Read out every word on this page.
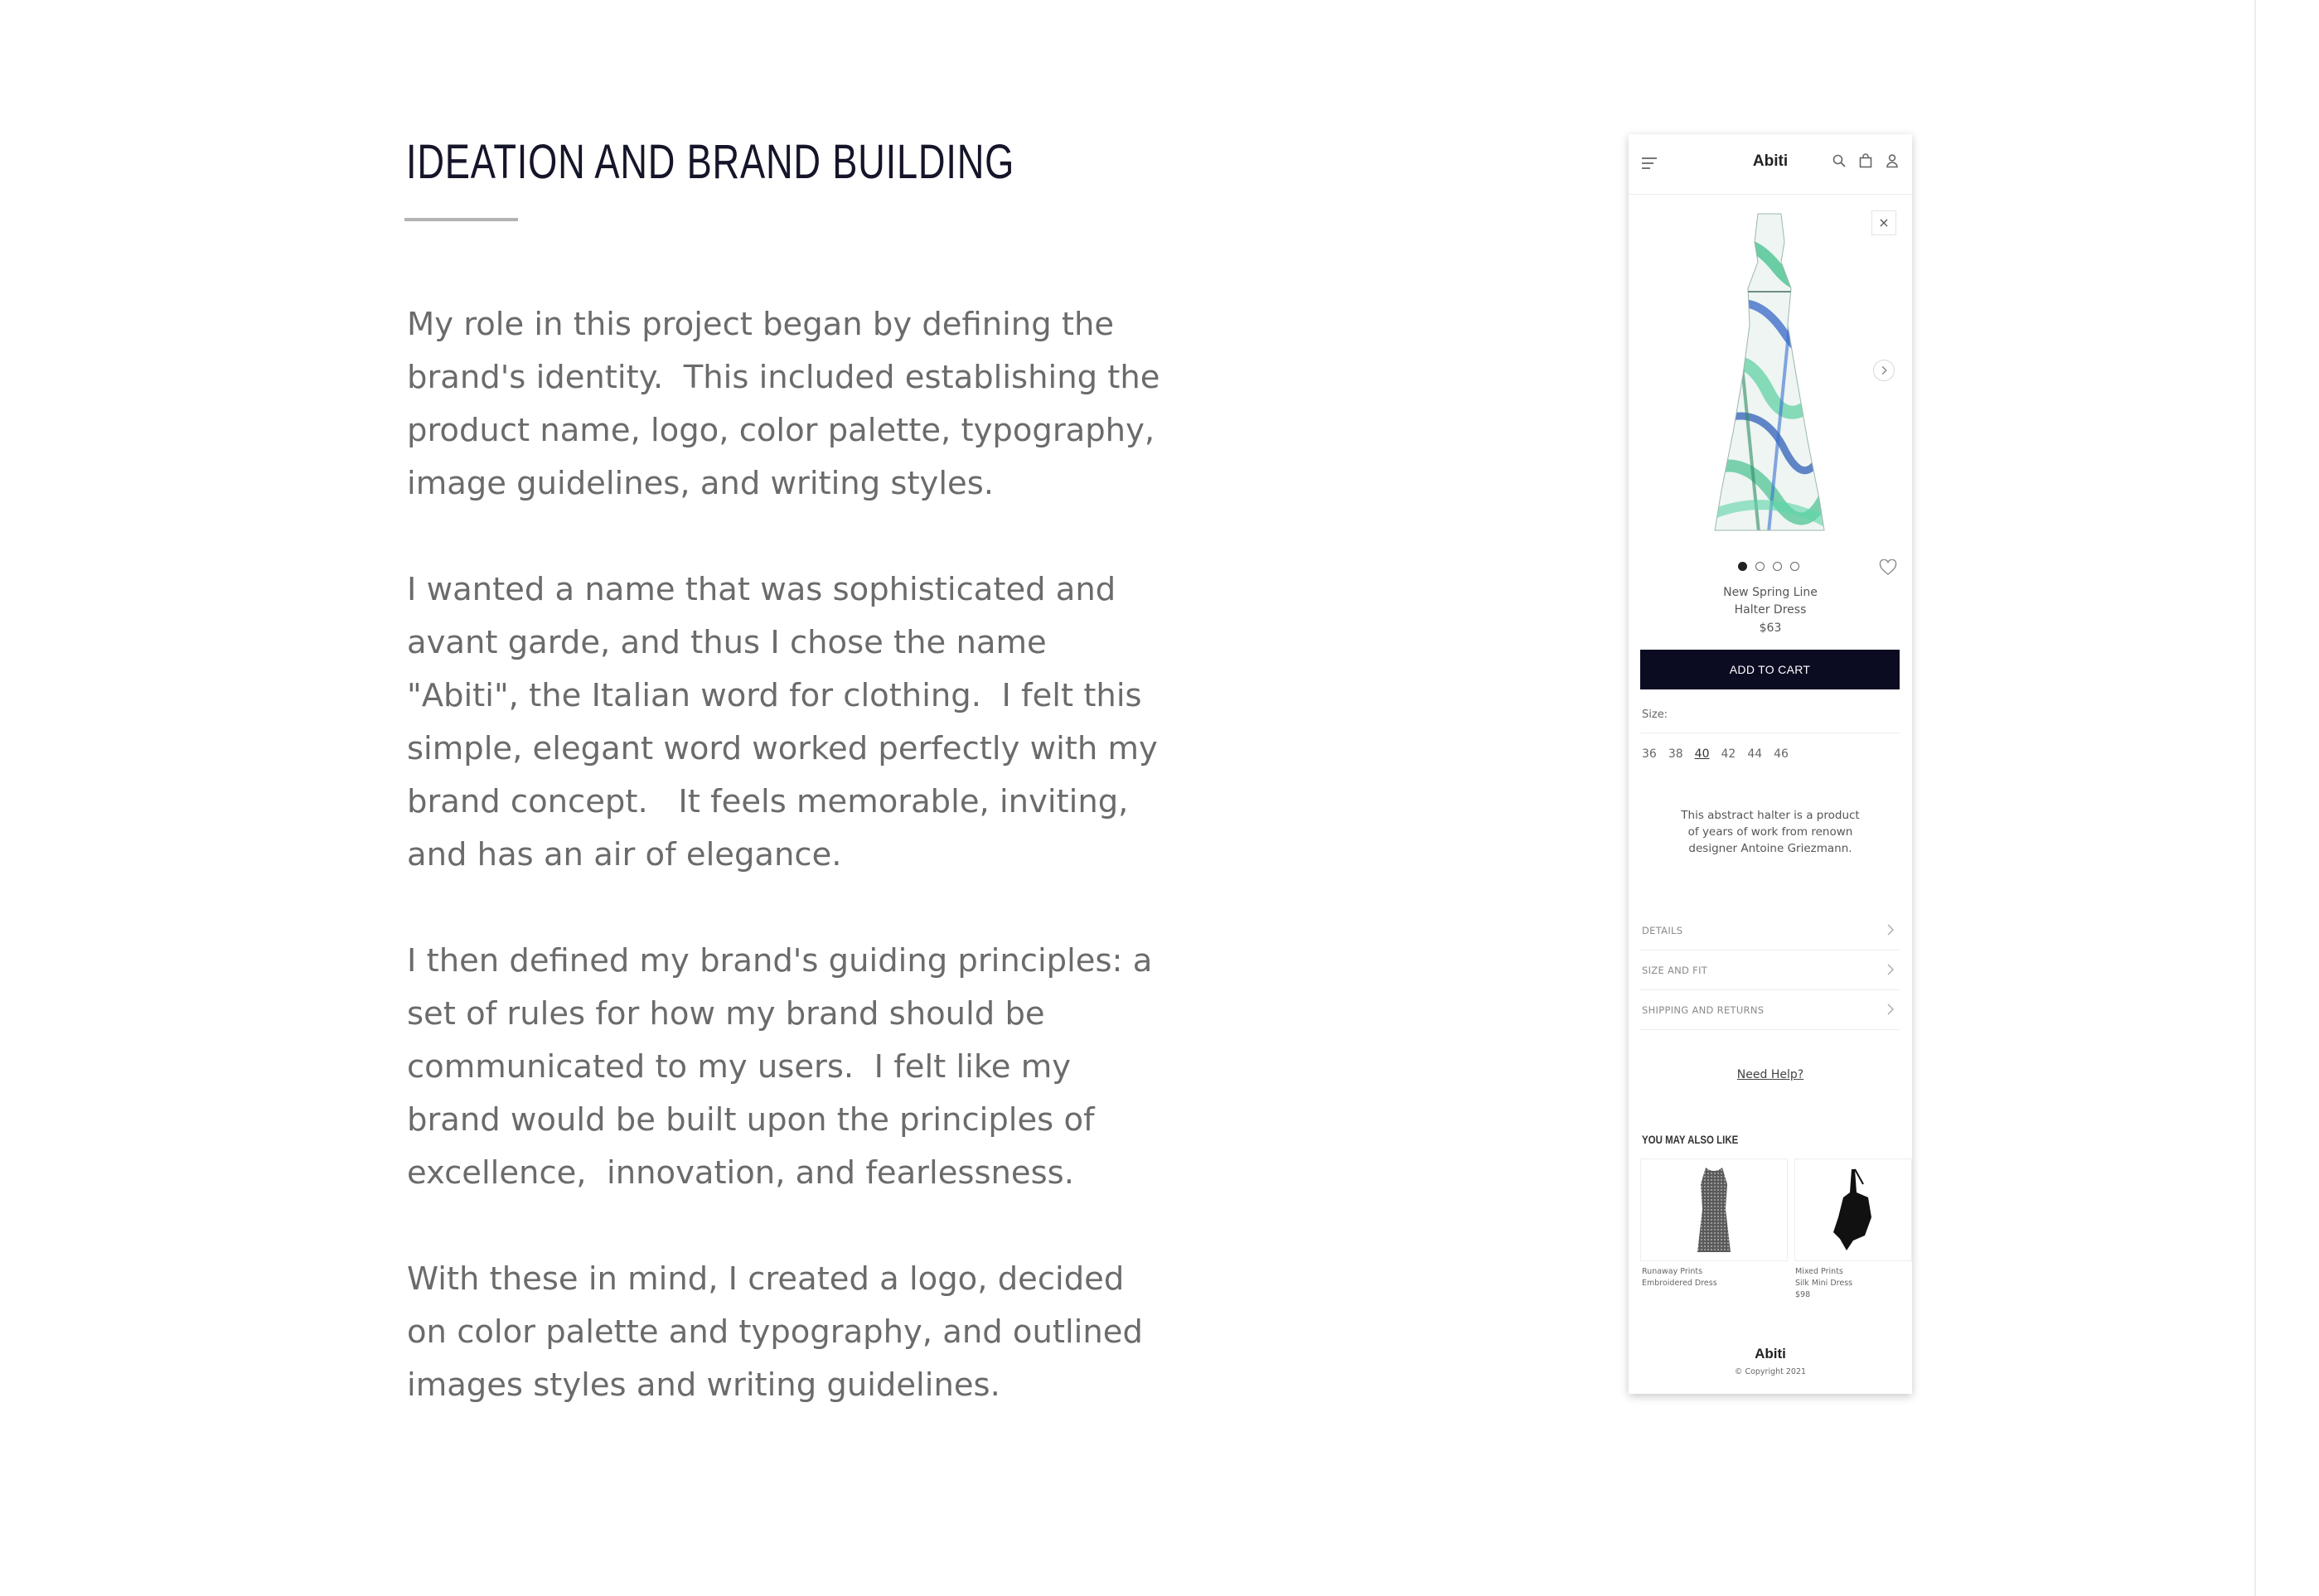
IDEATION AND BRAND BUILDING

My role in this project began by defining the
brand's identity.  This included establishing the
product name, logo, color palette, typography,
image guidelines, and writing styles.

I wanted a name that was sophisticated and
avant garde, and thus I chose the name
"Abiti", the Italian word for clothing.  I felt this
simple, elegant word worked perfectly with my
brand concept.   It feels memorable, inviting,
and has an air of elegance.

I then defined my brand's guiding principles: a
set of rules for how my brand should be
communicated to my users.  I felt like my
brand would be built upon the principles of
excellence,  innovation, and fearlessness.

With these in mind, I created a logo, decided
on color palette and typography, and outlined
images styles and writing guidelines.

Abiti
×
New Spring Line
Halter Dress
$63
ADD TO CART
Size:
36 38 40 42 44 46
This abstract halter is a product of years of work from renown designer Antoine Griezmann.
DETAILS
SIZE AND FIT
SHIPPING AND RETURNS
Need Help?
YOU MAY ALSO LIKE
Runaway Prints
Embroidered Dress
Mixed Prints
Silk Mini Dress
$98
Abiti
© Copyright 2021
